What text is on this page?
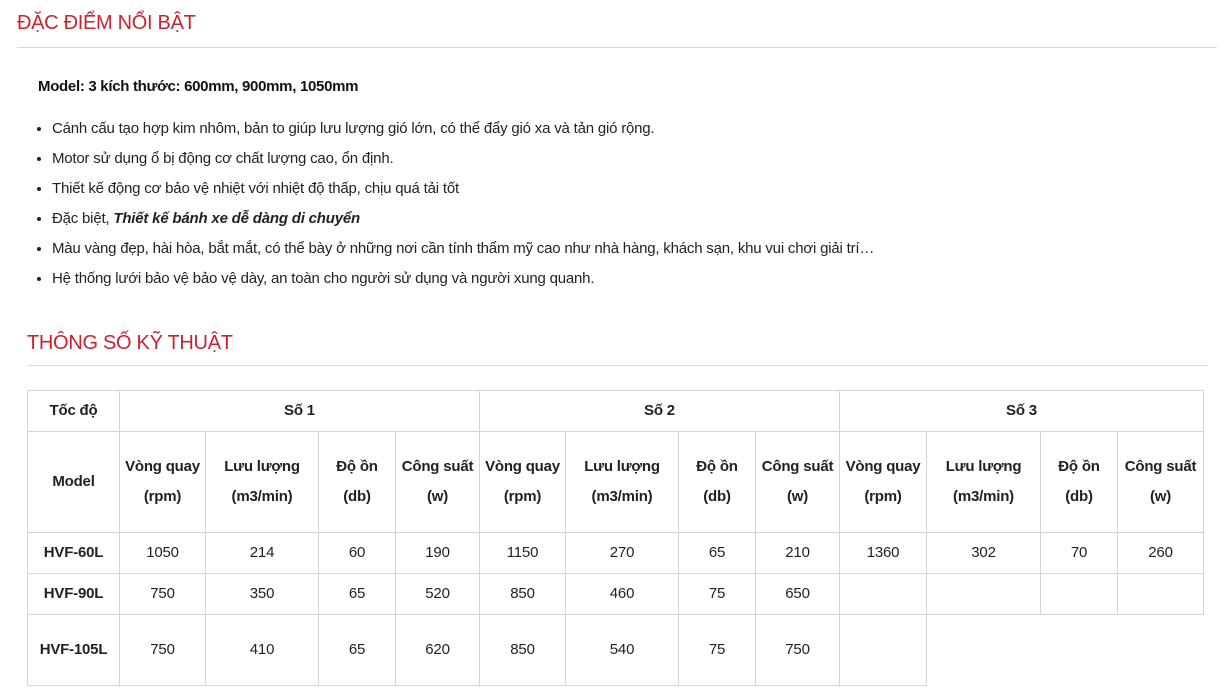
ĐẶC ĐIỂM NỔI BẬT
Model: 3 kích thước: 600mm, 900mm, 1050mm
• Cánh cấu tạo hợp kim nhôm, bản to giúp lưu lượng gió lớn, có thể đẩy gió xa và tản gió rộng.
• Motor sử dụng ổ bị động cơ chất lượng cao, ổn định.
• Thiết kế động cơ bảo vệ nhiệt với nhiệt độ thấp, chịu quá tải tốt
• Đặc biệt, Thiết kế bánh xe dễ dàng di chuyển
• Màu vàng đẹp, hài hòa, bắt mắt, có thể bày ở những nơi cần tính thẩm mỹ cao như nhà hàng, khách sạn, khu vui chơi giải trí…
• Hệ thống lưới bảo vệ bảo vệ dày, an toàn cho người sử dụng và người xung quanh.
THÔNG SỐ KỸ THUẬT
Tốc độ	Số 1				Số 2				Số 3			
Model	Vòng quay (rpm)	Lưu lượng (m3/min)	Độ ồn (db)	Công suất (w)	Vòng quay (rpm)	Lưu lượng (m3/min)	Độ ồn (db)	Công suất (w)	Vòng quay (rpm)	Lưu lượng (m3/min)	Độ ồn (db)	Công suất (w)
HVF-60L	1050	214	60	190	1150	270	65	210	1360	302	70	260
HVF-90L	750	350	65	520	850	460	75	650				
HVF-105L	750	410	65	620	850	540	75	750				
